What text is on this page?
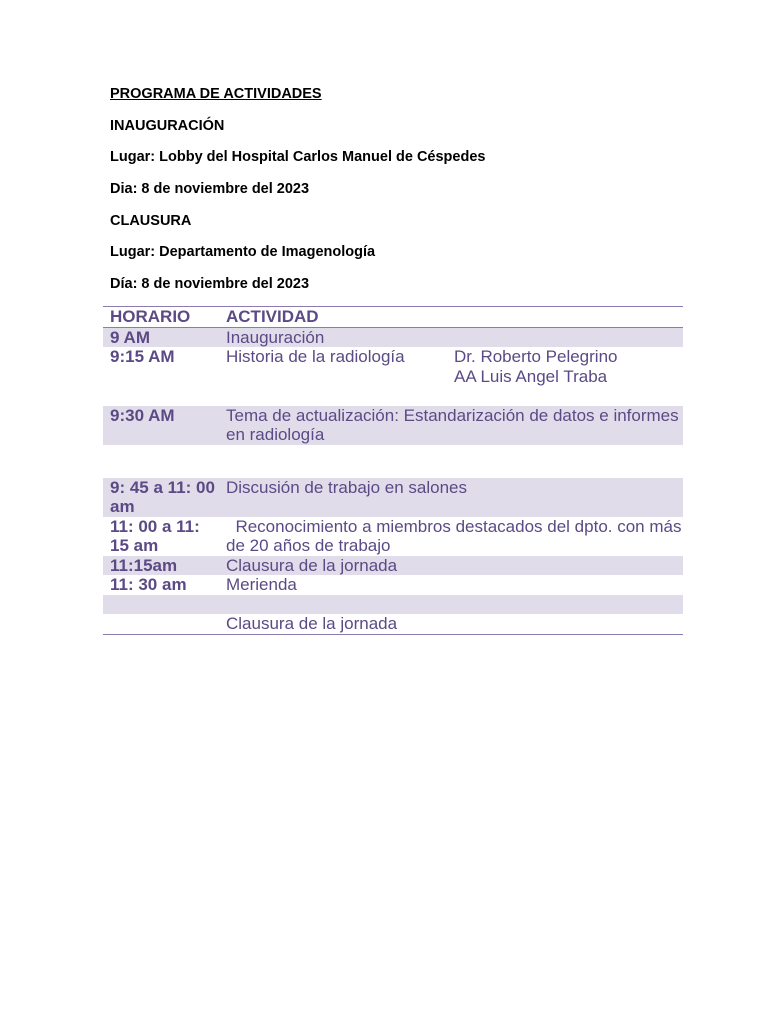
PROGRAMA DE ACTIVIDADES
INAUGURACIÓN
Lugar: Lobby del Hospital Carlos Manuel de Céspedes
Dia: 8 de noviembre del 2023
CLAUSURA
Lugar: Departamento de Imagenología
Día: 8 de noviembre del 2023
HORARIO	ACTIVIDAD	
9 AM	Inauguración	
9:15 AM	Historia de la radiología	Dr. Roberto Pelegrino
AA Luis Angel Traba

9:30 AM	Tema de actualización: Estandarización de datos e informes en radiología	

9: 45 a 11: 00 am	Discusión de trabajo en salones	
11: 00 a 11: 15 am	Reconocimiento a miembros destacados del dpto. con más de 20 años de trabajo	
11:15am	Clausura de la jornada	
11: 30 am	Merienda	

	Clausura de la jornada	
